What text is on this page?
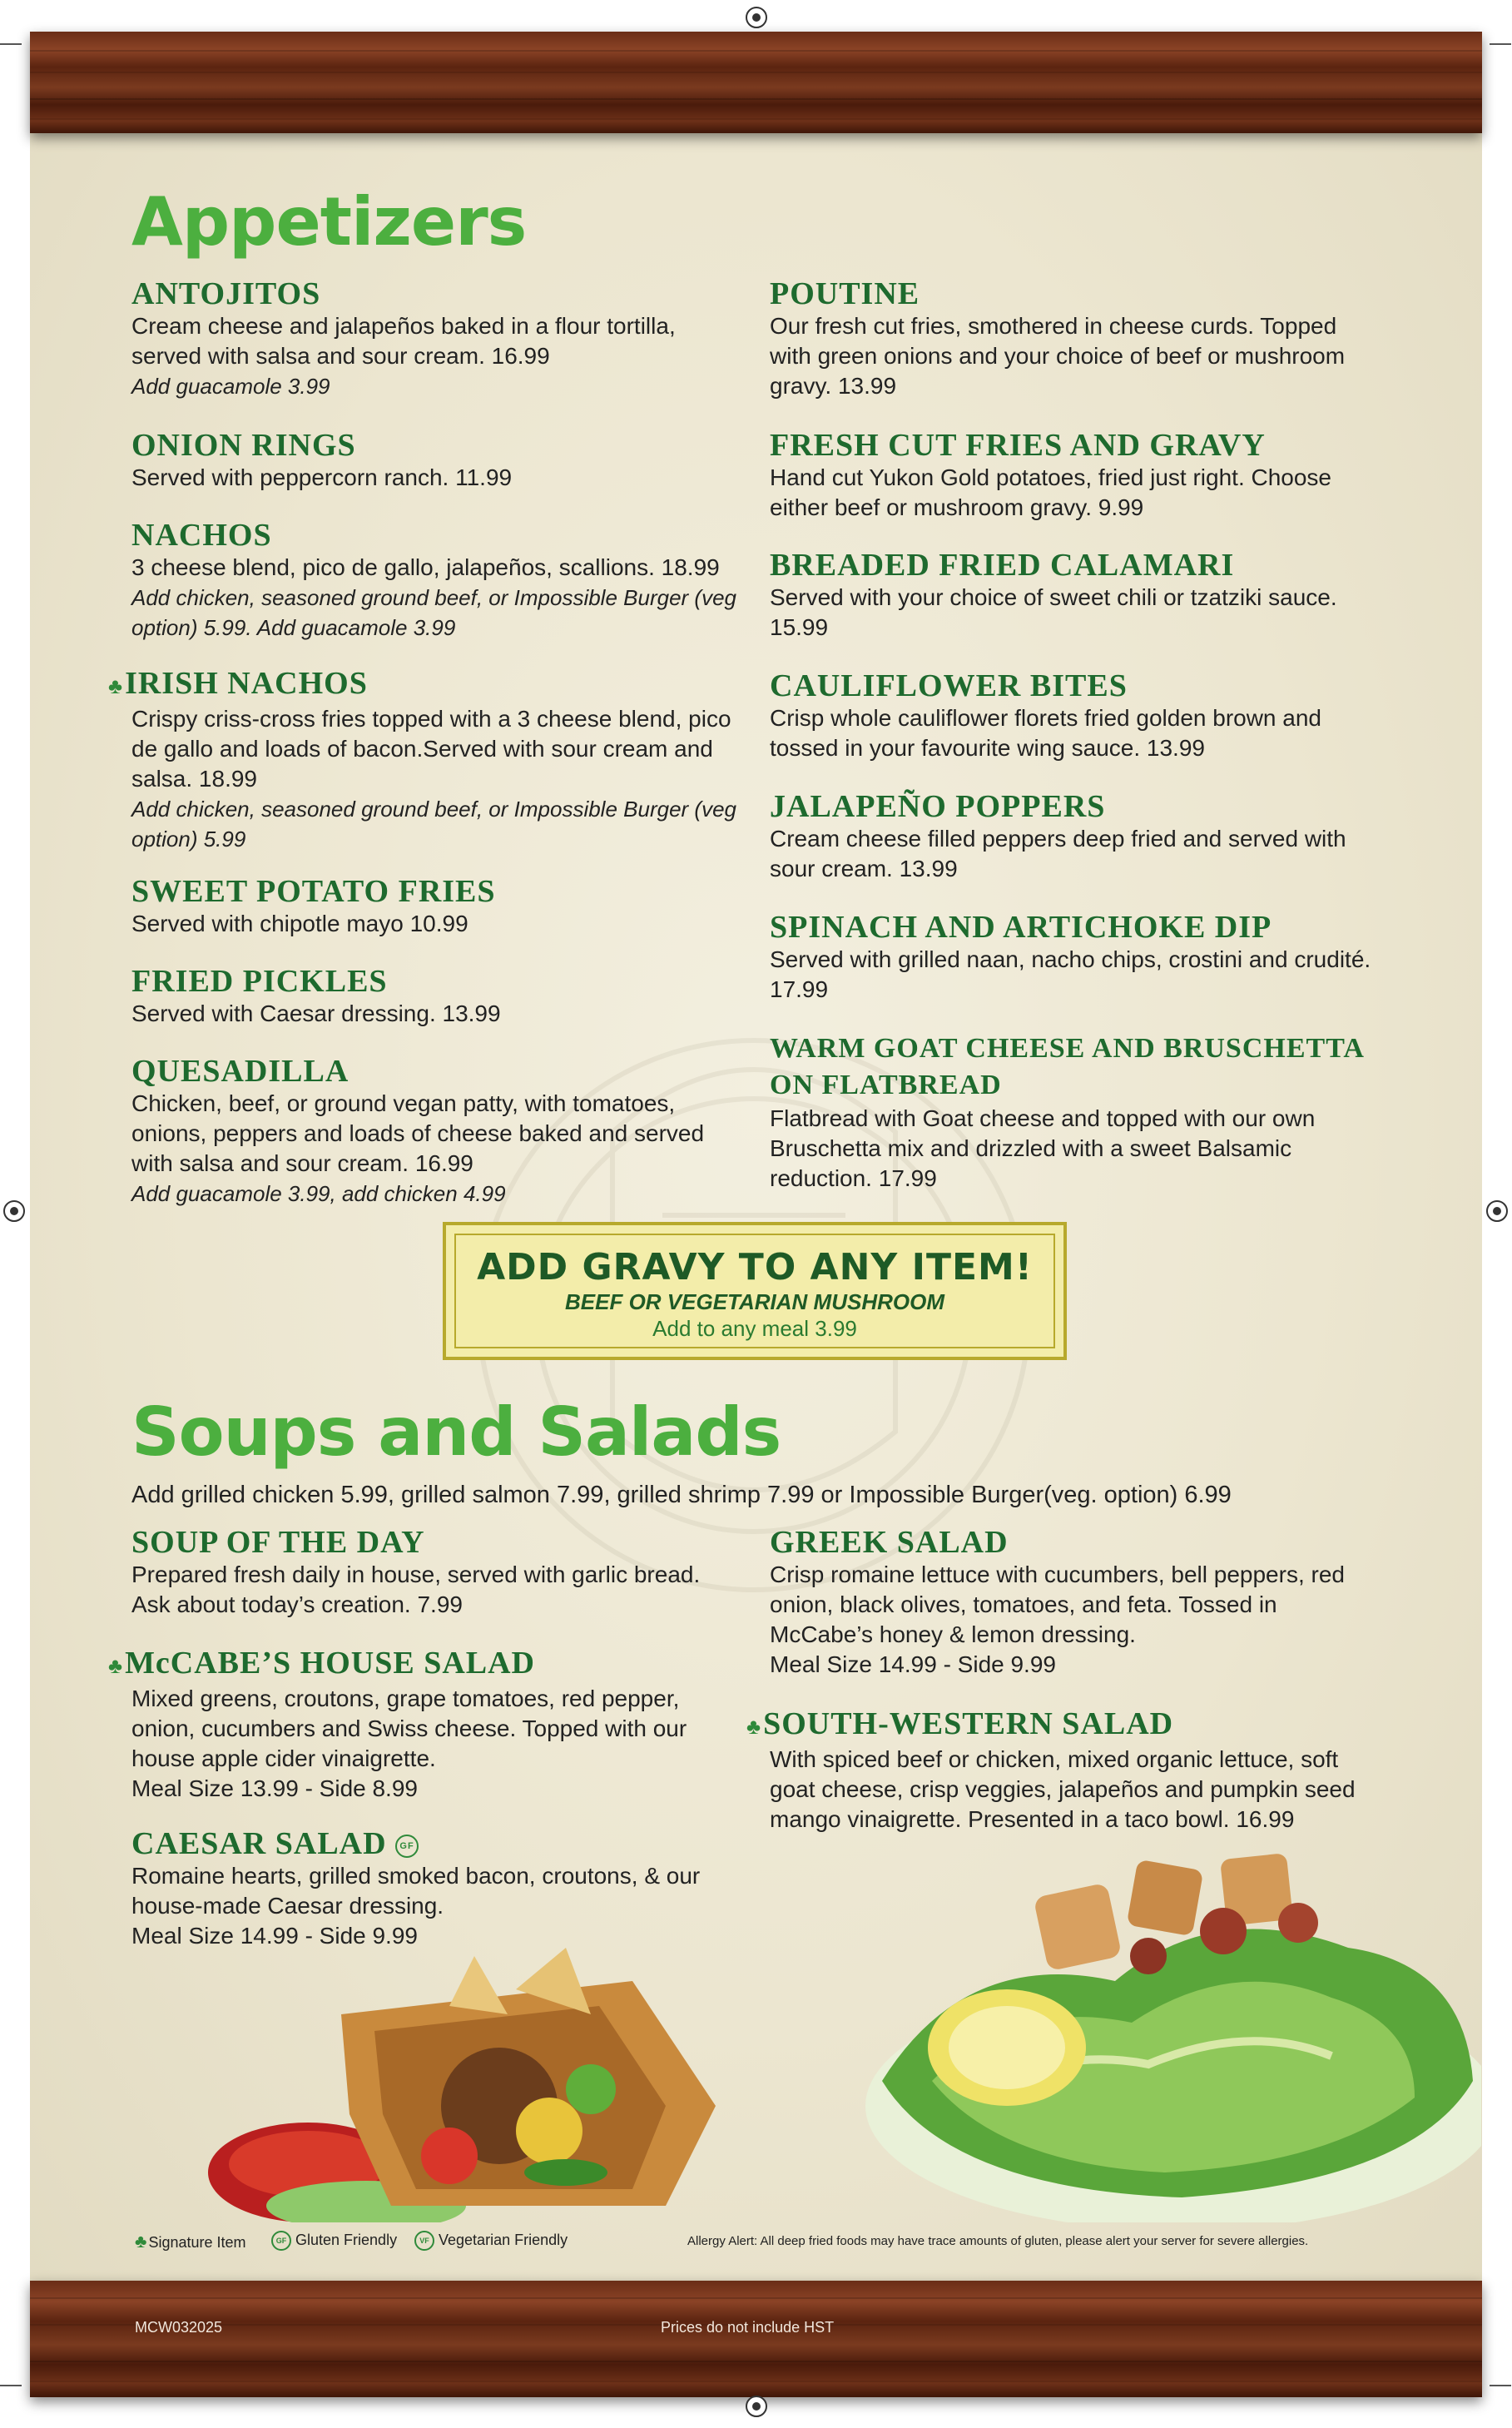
Appetizers
ANTOJITOS
Cream cheese and jalapeños baked in a flour tortilla, served with salsa and sour cream. 16.99
Add guacamole 3.99
ONION RINGS
Served with peppercorn ranch. 11.99
NACHOS
3 cheese blend, pico de gallo, jalapeños, scallions. 18.99
Add chicken, seasoned ground beef, or Impossible Burger (veg option) 5.99. Add guacamole 3.99
♣IRISH NACHOS
Crispy criss-cross fries topped with a 3 cheese blend, pico de gallo and loads of bacon.Served with sour cream and salsa. 18.99
Add chicken, seasoned ground beef, or Impossible Burger (veg option) 5.99
SWEET POTATO FRIES
Served with chipotle mayo 10.99
FRIED PICKLES
Served with Caesar dressing. 13.99
QUESADILLA
Chicken, beef, or ground vegan patty, with tomatoes, onions, peppers and loads of cheese baked and served with salsa and sour cream. 16.99
Add guacamole 3.99, add chicken 4.99
POUTINE
Our fresh cut fries, smothered in cheese curds. Topped with green onions and your choice of beef or mushroom gravy. 13.99
FRESH CUT FRIES AND GRAVY
Hand cut Yukon Gold potatoes, fried just right. Choose either beef or mushroom gravy. 9.99
BREADED FRIED CALAMARI
Served with your choice of sweet chili or tzatziki sauce. 15.99
CAULIFLOWER BITES
Crisp whole cauliflower florets fried golden brown and tossed in your favourite wing sauce. 13.99
JALAPEÑO POPPERS
Cream cheese filled peppers deep fried and served with sour cream. 13.99
SPINACH AND ARTICHOKE DIP
Served with grilled naan, nacho chips, crostini and crudité. 17.99
WARM GOAT CHEESE AND BRUSCHETTA ON FLATBREAD
Flatbread with Goat cheese and topped with our own Bruschetta mix and drizzled with a sweet Balsamic reduction. 17.99
ADD GRAVY TO ANY ITEM!
BEEF OR VEGETARIAN MUSHROOM
Add to any meal 3.99
Soups and Salads
Add grilled chicken 5.99, grilled salmon 7.99, grilled shrimp 7.99 or Impossible Burger(veg. option) 6.99
SOUP OF THE DAY
Prepared fresh daily in house, served with garlic bread. Ask about today’s creation. 7.99
♣McCABE’S HOUSE SALAD
Mixed greens, croutons, grape tomatoes, red pepper, onion, cucumbers and Swiss cheese. Topped with our house apple cider vinaigrette.
Meal Size 13.99 - Side 8.99
CAESAR SALAD GF
Romaine hearts, grilled smoked bacon, croutons, & our house-made Caesar dressing.
Meal Size 14.99 - Side 9.99
GREEK SALAD
Crisp romaine lettuce with cucumbers, bell peppers, red onion, black olives, tomatoes, and feta. Tossed in McCabe’s honey & lemon dressing.
Meal Size 14.99 - Side 9.99
♣SOUTH-WESTERN SALAD
With spiced beef or chicken, mixed organic lettuce, soft goat cheese, crisp veggies, jalapeños and pumpkin seed mango vinaigrette. Presented in a taco bowl. 16.99
♣ Signature Item	GF Gluten Friendly	VF Vegetarian Friendly	Allergy Alert: All deep fried foods may have trace amounts of gluten, please alert your server for severe allergies.
MCW032025	Prices do not include HST
